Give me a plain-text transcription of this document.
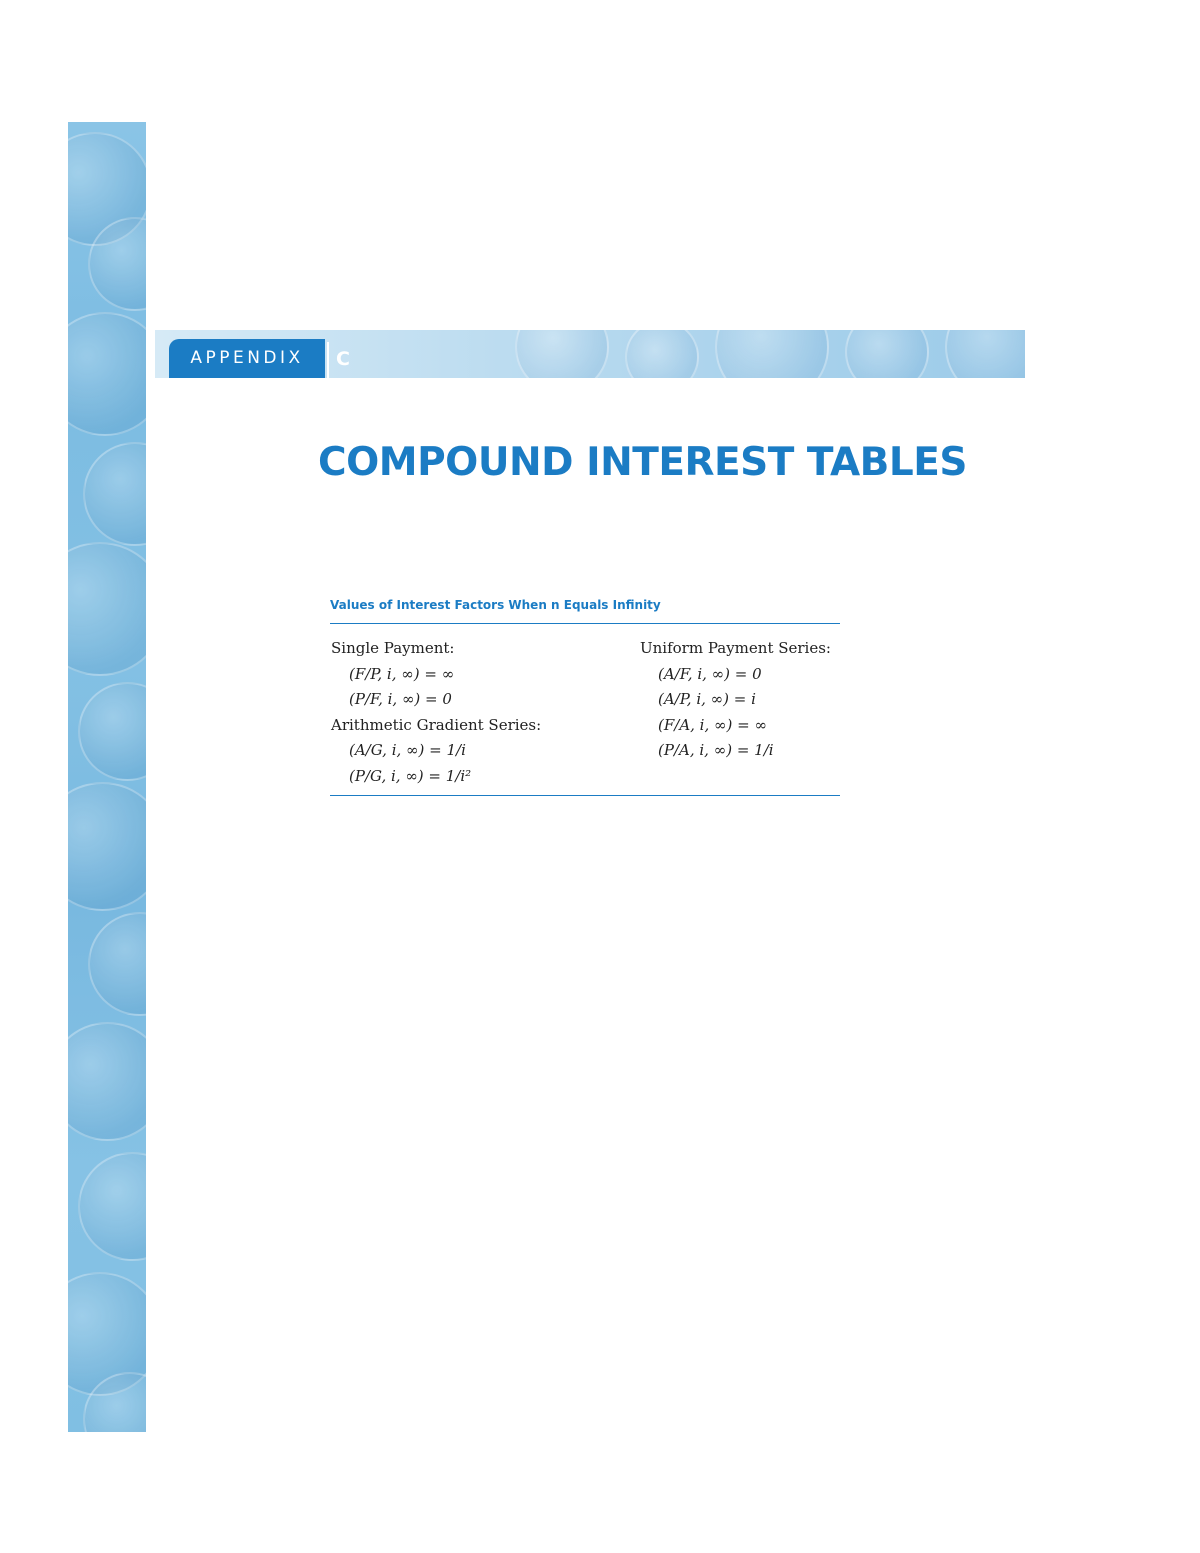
APPENDIX	C
COMPOUND INTEREST TABLES
Values of Interest Factors When n Equals Infinity
Single Payment:
(F/P, i, ∞) = ∞
(P/F, i, ∞) = 0
Arithmetic Gradient Series:
(A/G, i, ∞) = 1/i
(P/G, i, ∞) = 1/i²
Uniform Payment Series:
(A/F, i, ∞) = 0
(A/P, i, ∞) = i
(F/A, i, ∞) = ∞
(P/A, i, ∞) = 1/i
